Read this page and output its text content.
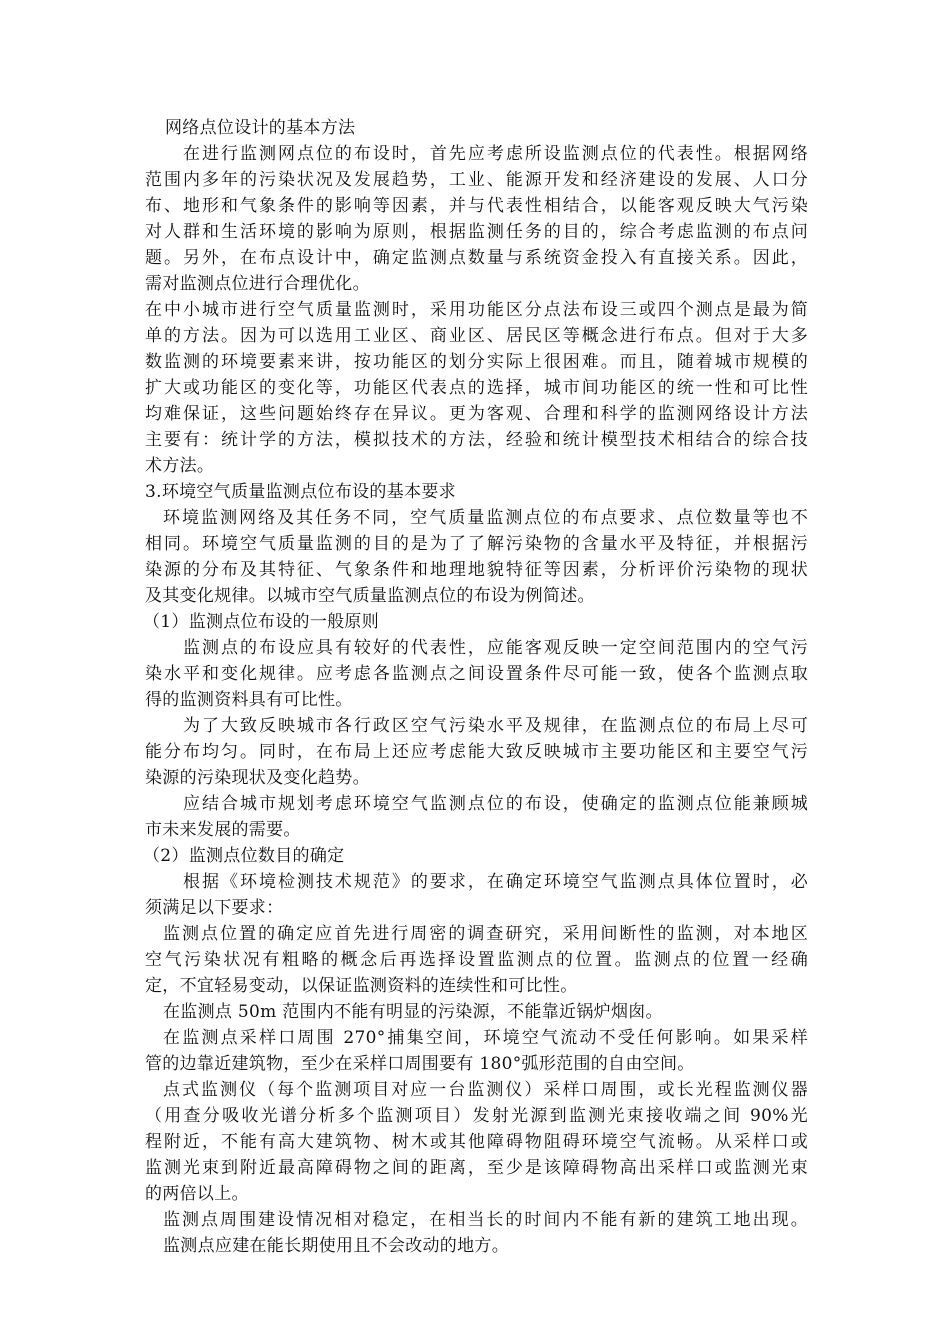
网络点位设计的基本方法
在进行监测网点位的布设时，首先应考虑所设监测点位的代表性。根据网络
范围内多年的污染状况及发展趋势，工业、能源开发和经济建设的发展、人口分
布、地形和气象条件的影响等因素，并与代表性相结合，以能客观反映大气污染
对人群和生活环境的影响为原则，根据监测任务的目的，综合考虑监测的布点问
题。另外，在布点设计中，确定监测点数量与系统资金投入有直接关系。因此，
需对监测点位进行合理优化。
在中小城市进行空气质量监测时，采用功能区分点法布设三或四个测点是最为简
单的方法。因为可以选用工业区、商业区、居民区等概念进行布点。但对于大多
数监测的环境要素来讲，按功能区的划分实际上很困难。而且，随着城市规模的
扩大或功能区的变化等，功能区代表点的选择，城市间功能区的统一性和可比性
均难保证，这些问题始终存在异议。更为客观、合理和科学的监测网络设计方法
主要有：统计学的方法，模拟技术的方法，经验和统计模型技术相结合的综合技
术方法。
3.环境空气质量监测点位布设的基本要求
环境监测网络及其任务不同，空气质量监测点位的布点要求、点位数量等也不
相同。环境空气质量监测的目的是为了了解污染物的含量水平及特征，并根据污
染源的分布及其特征、气象条件和地理地貌特征等因素，分析评价污染物的现状
及其变化规律。以城市空气质量监测点位的布设为例简述。
（1）监测点位布设的一般原则
监测点的布设应具有较好的代表性，应能客观反映一定空间范围内的空气污
染水平和变化规律。应考虑各监测点之间设置条件尽可能一致，使各个监测点取
得的监测资料具有可比性。
为了大致反映城市各行政区空气污染水平及规律，在监测点位的布局上尽可
能分布均匀。同时，在布局上还应考虑能大致反映城市主要功能区和主要空气污
染源的污染现状及变化趋势。
应结合城市规划考虑环境空气监测点位的布设，使确定的监测点位能兼顾城
市未来发展的需要。
（2）监测点位数目的确定
根据《环境检测技术规范》的要求，在确定环境空气监测点具体位置时，必
须满足以下要求：
监测点位置的确定应首先进行周密的调查研究，采用间断性的监测，对本地区
空气污染状况有粗略的概念后再选择设置监测点的位置。监测点的位置一经确
定，不宜轻易变动，以保证监测资料的连续性和可比性。
在监测点 50m 范围内不能有明显的污染源，不能靠近锅炉烟囱。
在监测点采样口周围 270°捕集空间，环境空气流动不受任何影响。如果采样
管的边靠近建筑物，至少在采样口周围要有 180°弧形范围的自由空间。
点式监测仪（每个监测项目对应一台监测仪）采样口周围，或长光程监测仪器
（用查分吸收光谱分析多个监测项目）发射光源到监测光束接收端之间 90%光
程附近，不能有高大建筑物、树木或其他障碍物阻碍环境空气流畅。从采样口或
监测光束到附近最高障碍物之间的距离，至少是该障碍物高出采样口或监测光束
的两倍以上。
监测点周围建设情况相对稳定，在相当长的时间内不能有新的建筑工地出现。
监测点应建在能长期使用且不会改动的地方。
